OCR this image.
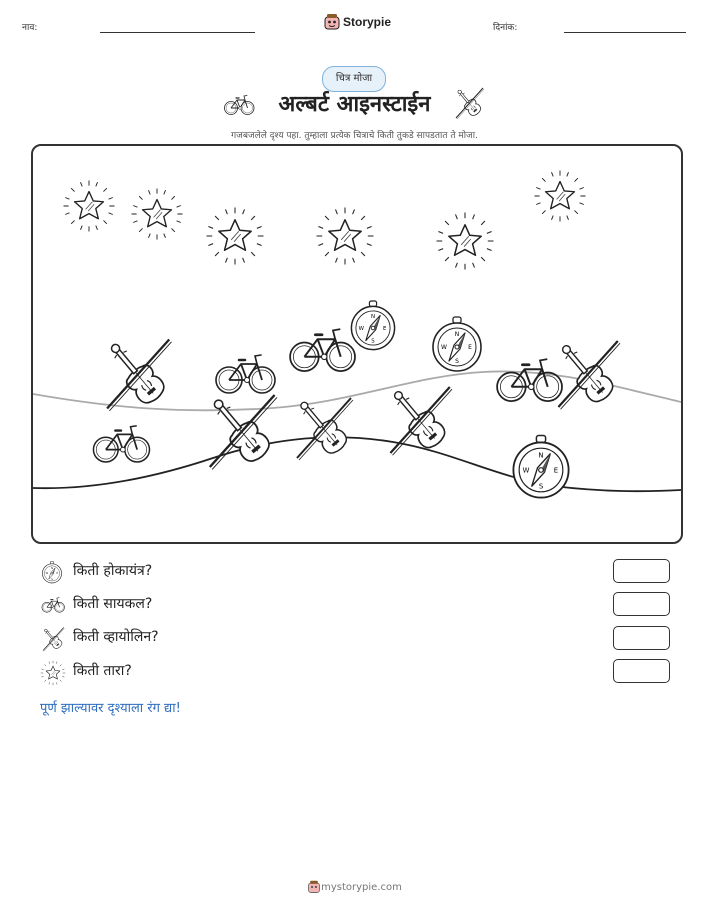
नाव:	Storypie	दिनांक:
चित्र मोजा
अल्बर्ट आइनस्टाईन
गजबजलेले दृश्य पहा. तुम्हाला प्रत्येक चित्राचे किती तुकडे सापडतात ते मोजा.
किती होकायंत्र?
किती सायकल?
किती व्हायोलिन?
किती तारा?
पूर्ण झाल्यावर दृश्याला रंग द्या!
mystorypie.com
